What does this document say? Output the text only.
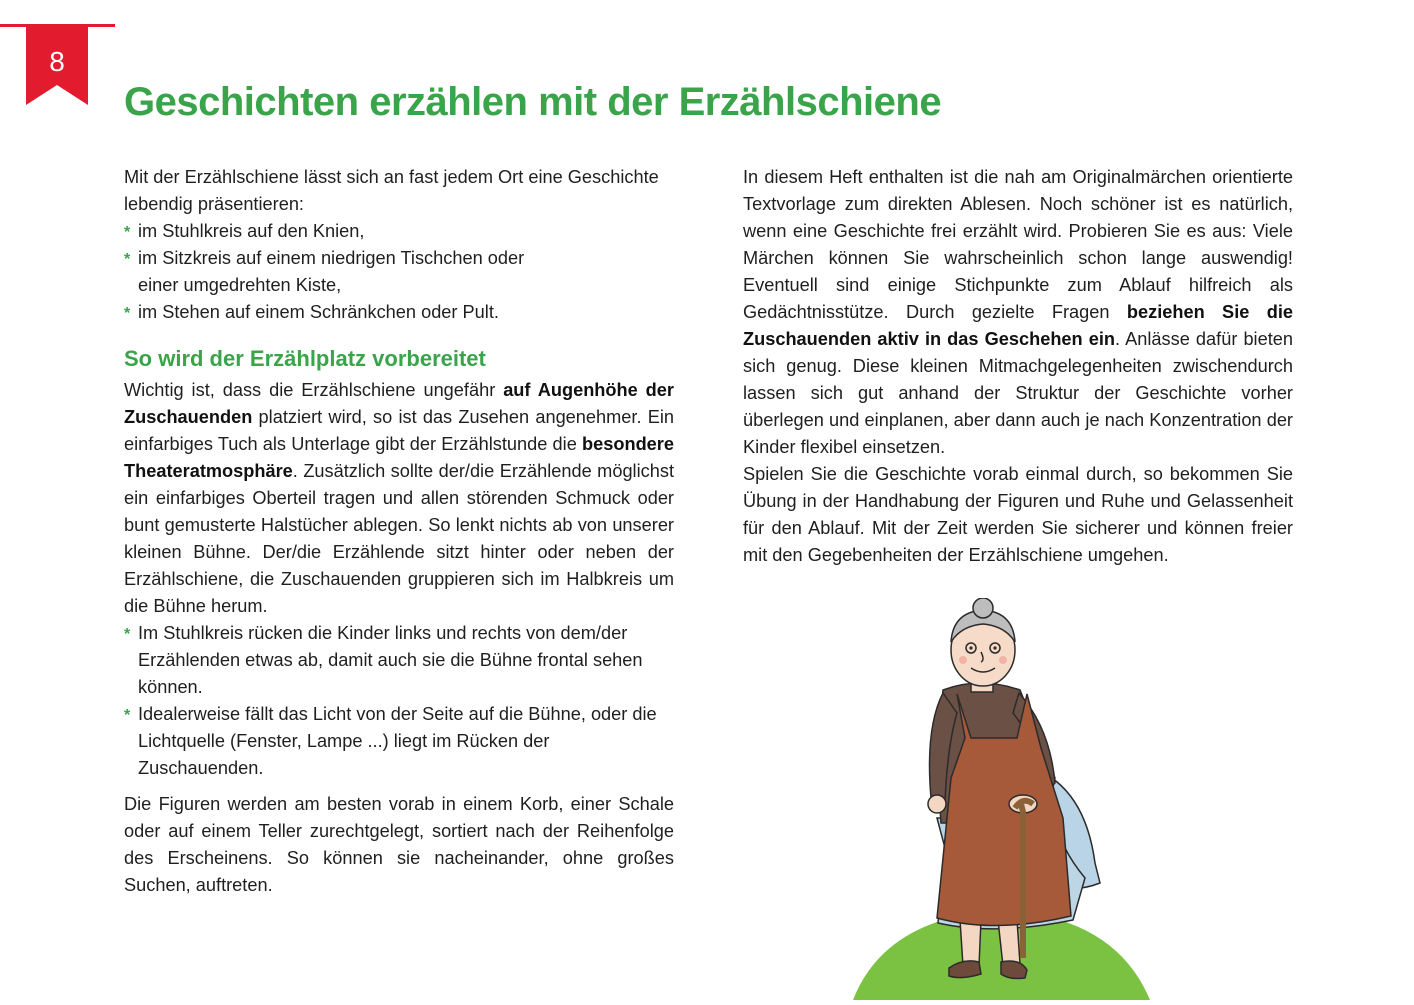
8
Geschichten erzählen mit der Erzählschiene

Mit der Erzählschiene lässt sich an fast jedem Ort eine Geschichte lebendig präsentieren:

* im Stuhlkreis auf den Knien,
* im Sitzkreis auf einem niedrigen Tischchen oder einer umgedrehten Kiste,
* im Stehen auf einem Schränkchen oder Pult.
So wird der Erzählplatz vorbereitet

Wichtig ist, dass die Erzählschiene ungefähr auf Augenhöhe der Zuschauenden platziert wird, so ist das Zusehen angenehmer. Ein einfarbiges Tuch als Unterlage gibt der Erzählstunde die besondere Theateratmosphäre. Zusätzlich sollte der/die Erzählende möglichst ein einfarbiges Oberteil tragen und allen störenden Schmuck oder bunt gemusterte Halstücher ablegen. So lenkt nichts ab von unserer kleinen Bühne. Der/die Erzählende sitzt hinter oder neben der Erzählschiene, die Zuschauenden gruppieren sich im Halbkreis um die Bühne herum.

* Im Stuhlkreis rücken die Kinder links und rechts von dem/der Erzählenden etwas ab, damit auch sie die Bühne frontal sehen können.
* Idealerweise fällt das Licht von der Seite auf die Bühne, oder die Lichtquelle (Fenster, Lampe ...) liegt im Rücken der Zuschauenden.

Die Figuren werden am besten vorab in einem Korb, einer Schale oder auf einem Teller zurechtgelegt, sortiert nach der Reihenfolge des Erscheinens. So können sie nacheinander, ohne großes Suchen, auftreten.

In diesem Heft enthalten ist die nah am Originalmärchen orientierte Textvorlage zum direkten Ablesen. Noch schöner ist es natürlich, wenn eine Geschichte frei erzählt wird. Probieren Sie es aus: Viele Märchen können Sie wahrscheinlich schon lange auswendig! Eventuell sind einige Stichpunkte zum Ablauf hilfreich als Gedächtnisstütze. Durch gezielte Fragen beziehen Sie die Zuschauenden aktiv in das Geschehen ein. Anlässe dafür bieten sich genug. Diese kleinen Mitmachgelegenheiten zwischendurch lassen sich gut anhand der Struktur der Geschichte vorher überlegen und einplanen, aber dann auch je nach Konzentration der Kinder flexibel einsetzen.

Spielen Sie die Geschichte vorab einmal durch, so bekommen Sie Übung in der Handhabung der Figuren und Ruhe und Gelassenheit für den Ablauf. Mit der Zeit werden Sie sicherer und können freier mit den Gegebenheiten der Erzählschiene umgehen.
